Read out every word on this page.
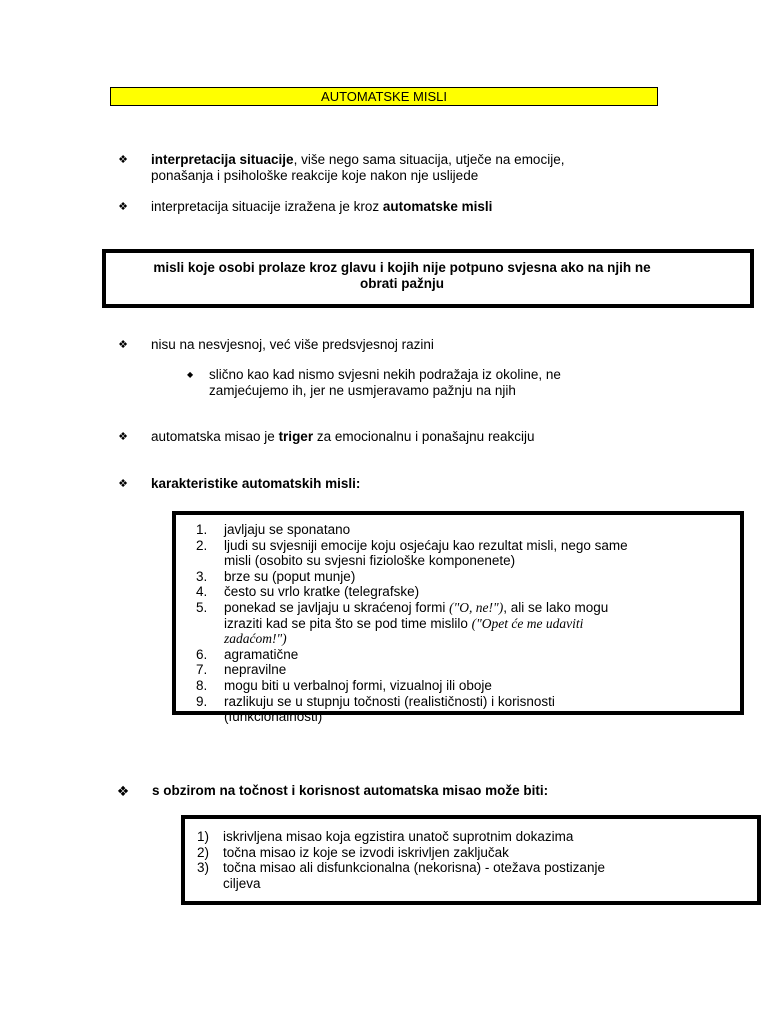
AUTOMATSKE MISLI
❖ interpretacija situacije, više nego sama situacija, utječe na emocije,
ponašanja i psihološke reakcije koje nakon nje uslijede
❖ interpretacija situacije izražena je kroz automatske misli
misli koje osobi prolaze kroz glavu i kojih nije potpuno svjesna ako na njih ne
obrati pažnju
❖ nisu na nesvjesnoj, već više predsvjesnoj razini
◆ slično kao kad nismo svjesni nekih podražaja iz okoline, ne
zamjećujemo ih, jer ne usmjeravamo pažnju na njih
❖ automatska misao je triger za emocionalnu i ponašajnu reakciju
❖ karakteristike automatskih misli:
1.	javljaju se sponatano
2.	ljudi su svjesniji emocije koju osjećaju kao rezultat misli, nego same
misli (osobito su svjesni fiziološke komponenete)
3.	brze su (poput munje)
4.	često su vrlo kratke (telegrafske)
5.	ponekad se javljaju u skraćenoj formi ("O, ne!"), ali se lako mogu
izraziti kad se pita što se pod time mislilo ("Opet će me udaviti
zadaćom!")
6.	agramatične
7.	nepravilne
8.	mogu biti u verbalnoj formi, vizualnoj ili oboje
9.	razlikuju se u stupnju točnosti (realističnosti) i korisnosti
(funkcionalnosti)
❖ s obzirom na točnost i korisnost automatska misao može biti:
1)	iskrivljena misao koja egzistira unatoč suprotnim dokazima
2)	točna misao iz koje se izvodi iskrivljen zaključak
3)	točna misao ali disfunkcionalna (nekorisna) - otežava postizanje
ciljeva
